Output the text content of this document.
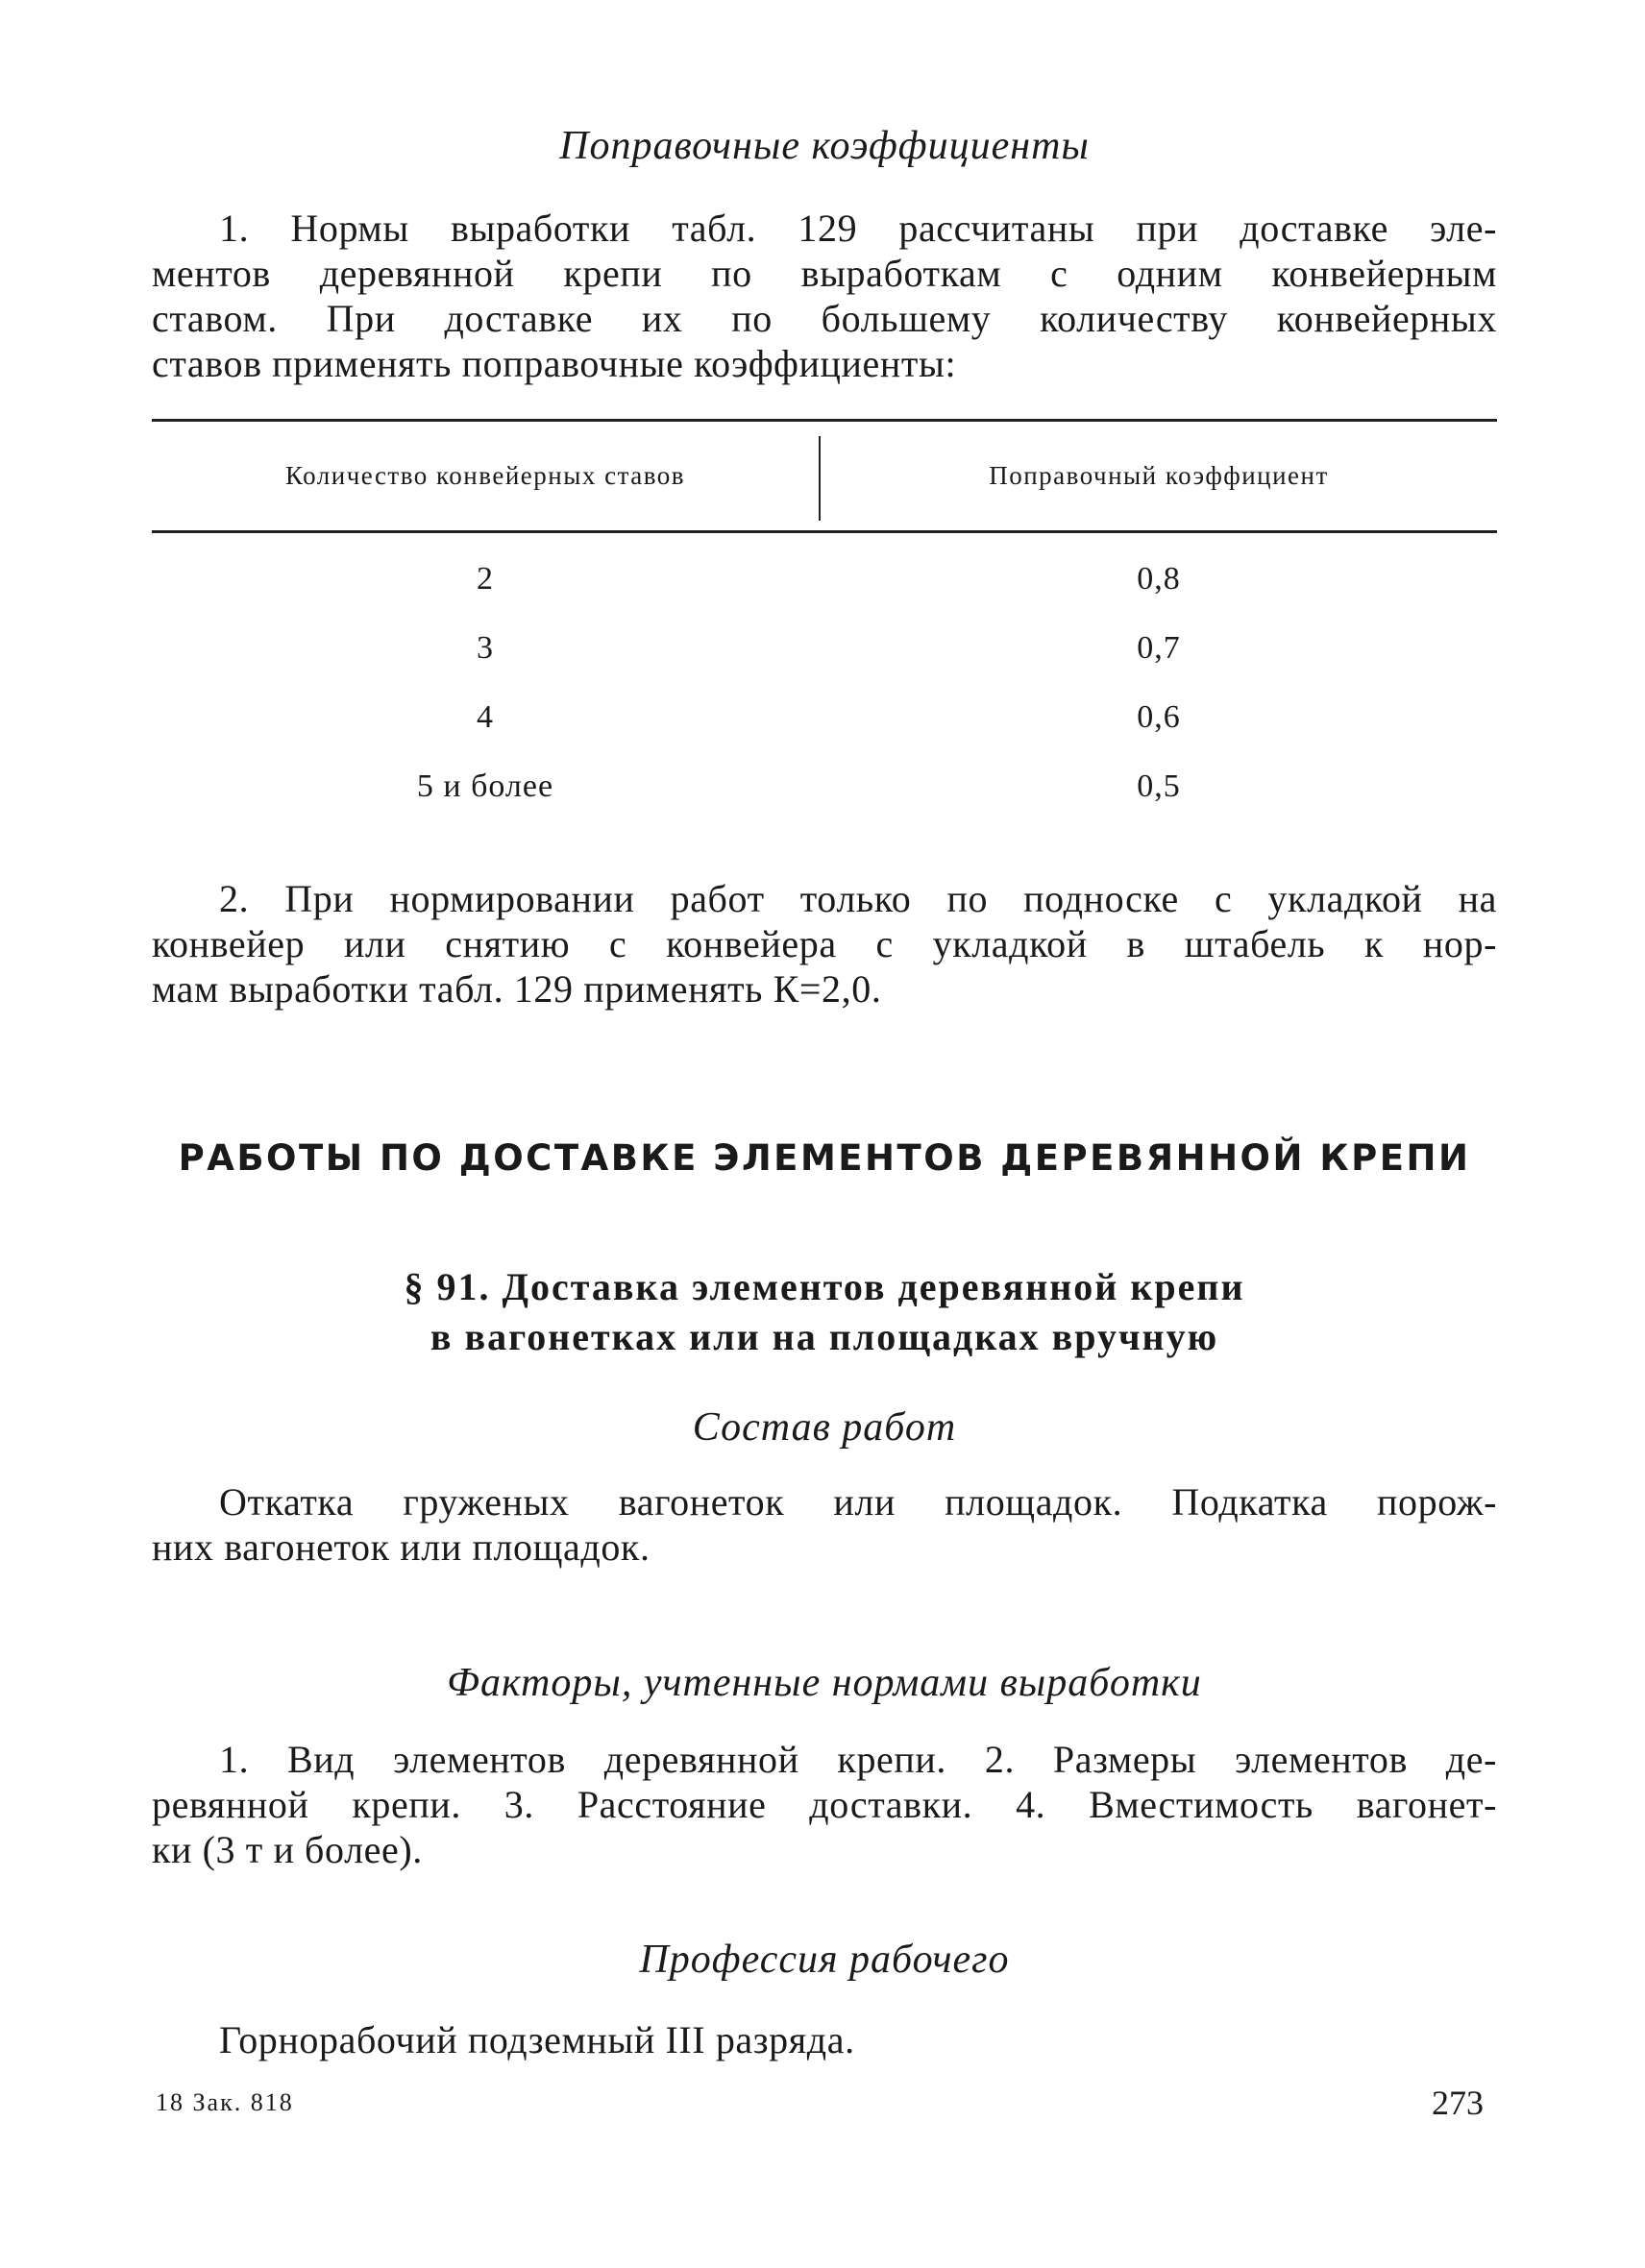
Поправочные коэффициенты
1. Нормы выработки табл. 129 рассчитаны при доставке эле-
ментов деревянной крепи по выработкам с одним конвейерным
ставом. При доставке их по большему количеству конвейерных
ставов применять поправочные коэффициенты:
Количество конвейерных ставов	Поправочный коэффициент
2	0,8
3	0,7
4	0,6
5 и более	0,5
2. При нормировании работ только по подноске с укладкой на
конвейер или снятию с конвейера с укладкой в штабель к нор-
мам выработки табл. 129 применять К=2,0.
РАБОТЫ ПО ДОСТАВКЕ ЭЛЕМЕНТОВ ДЕРЕВЯННОЙ КРЕПИ
§ 91. Доставка элементов деревянной крепи
в вагонетках или на площадках вручную
Состав работ
Откатка груженых вагонеток или площадок. Подкатка порож-
них вагонеток или площадок.
Факторы, учтенные нормами выработки
1. Вид элементов деревянной крепи. 2. Размеры элементов де-
ревянной крепи. 3. Расстояние доставки. 4. Вместимость вагонет-
ки (3 т и более).
Профессия рабочего
Горнорабочий подземный III разряда.
18 Зак. 818	273
